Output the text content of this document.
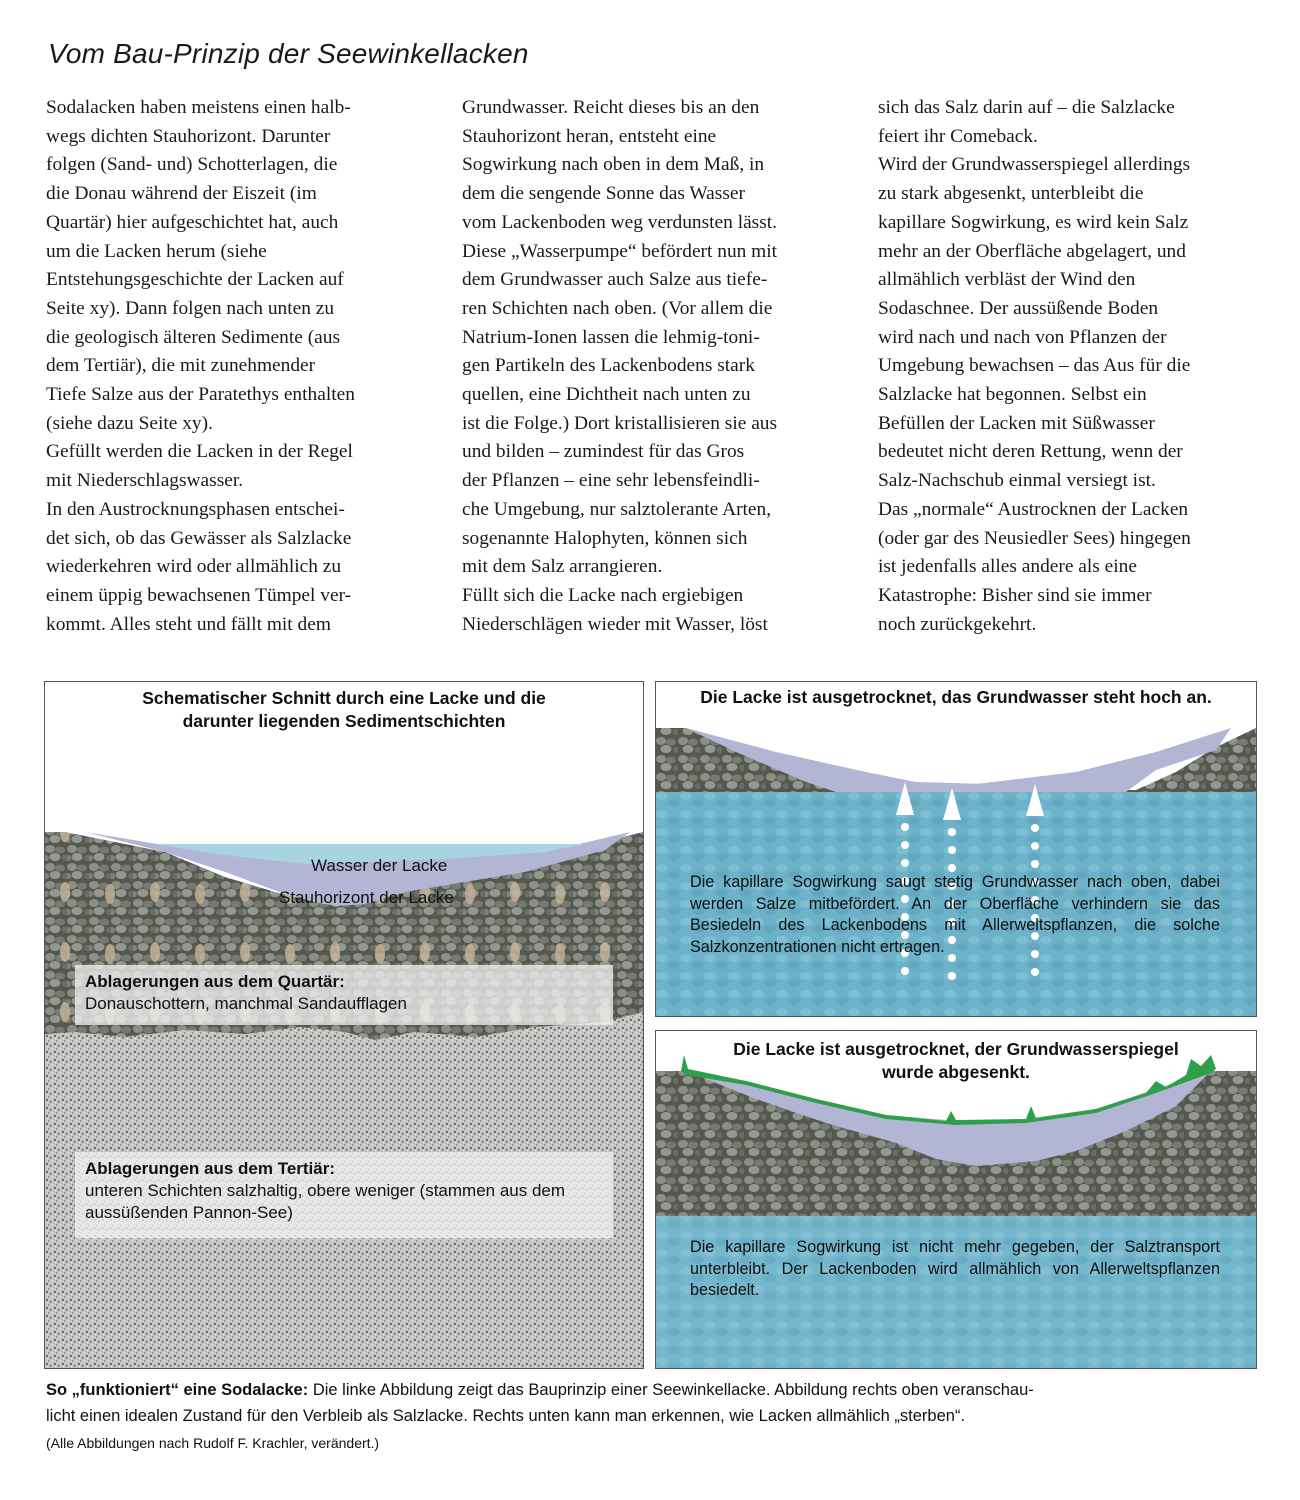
Vom Bau-Prinzip der Seewinkellacken
Sodalacken haben meistens einen halb-
wegs dichten Stauhorizont. Darunter
folgen (Sand- und) Schotterlagen, die
die Donau während der Eiszeit (im
Quartär) hier aufgeschichtet hat, auch
um die Lacken herum (siehe
Entstehungsgeschichte der Lacken auf
Seite xy). Dann folgen nach unten zu
die geologisch älteren Sedimente (aus
dem Tertiär), die mit zunehmender
Tiefe Salze aus der Paratethys enthalten
(siehe dazu Seite xy).
Gefüllt werden die Lacken in der Regel
mit Niederschlagswasser.
In den Austrocknungsphasen entschei-
det sich, ob das Gewässer als Salzlacke
wiederkehren wird oder allmählich zu
einem üppig bewachsenen Tümpel ver-
kommt. Alles steht und fällt mit dem
Grundwasser. Reicht dieses bis an den
Stauhorizont heran, entsteht eine
Sogwirkung nach oben in dem Maß, in
dem die sengende Sonne das Wasser
vom Lackenboden weg verdunsten lässt.
Diese „Wasserpumpe“ befördert nun mit
dem Grundwasser auch Salze aus tiefe-
ren Schichten nach oben. (Vor allem die
Natrium-Ionen lassen die lehmig-toni-
gen Partikeln des Lackenbodens stark
quellen, eine Dichtheit nach unten zu
ist die Folge.) Dort kristallisieren sie aus
und bilden – zumindest für das Gros
der Pflanzen – eine sehr lebensfeindli-
che Umgebung, nur salztolerante Arten,
sogenannte Halophyten, können sich
mit dem Salz arrangieren.
Füllt sich die Lacke nach ergiebigen
Niederschlägen wieder mit Wasser, löst
sich das Salz darin auf – die Salzlacke
feiert ihr Comeback.
Wird der Grundwasserspiegel allerdings
zu stark abgesenkt, unterbleibt die
kapillare Sogwirkung, es wird kein Salz
mehr an der Oberfläche abgelagert, und
allmählich verbläst der Wind den
Sodaschnee. Der aussüßende Boden
wird nach und nach von Pflanzen der
Umgebung bewachsen – das Aus für die
Salzlacke hat begonnen. Selbst ein
Befüllen der Lacken mit Süßwasser
bedeutet nicht deren Rettung, wenn der
Salz-Nachschub einmal versiegt ist.
Das „normale“ Austrocknen der Lacken
(oder gar des Neusiedler Sees) hingegen
ist jedenfalls alles andere als eine
Katastrophe: Bisher sind sie immer
noch zurückgekehrt.
Schematischer Schnitt durch eine Lacke und die
darunter liegenden Sedimentschichten
Wasser der Lacke
Stauhorizont der Lacke
Ablagerungen aus dem Quartär:
Donauschottern, manchmal Sandaufflagen
Ablagerungen aus dem Tertiär:
unteren Schichten salzhaltig, obere weniger (stammen aus dem aussüßenden Pannon-See)
Die Lacke ist ausgetrocknet, das Grundwasser steht hoch an.
Die kapillare Sogwirkung saugt stetig Grundwasser nach oben, dabei werden Salze mitbefördert. An der Oberfläche verhindern sie das Besiedeln des Lackenbodens mit Allerweltspflanzen, die solche Salzkonzentrationen nicht ertragen.
Die Lacke ist ausgetrocknet, der Grundwasserspiegel
wurde abgesenkt.
Die kapillare Sogwirkung ist nicht mehr gegeben, der Salztransport unterbleibt. Der Lackenboden wird allmählich von Allerweltspflanzen besiedelt.
So „funktioniert“ eine Sodalacke: Die linke Abbildung zeigt das Bauprinzip einer Seewinkellacke. Abbildung rechts oben veranschau-
licht einen idealen Zustand für den Verbleib als Salzlacke. Rechts unten kann man erkennen, wie Lacken allmählich „sterben“.
(Alle Abbildungen nach Rudolf F. Krachler, verändert.)
